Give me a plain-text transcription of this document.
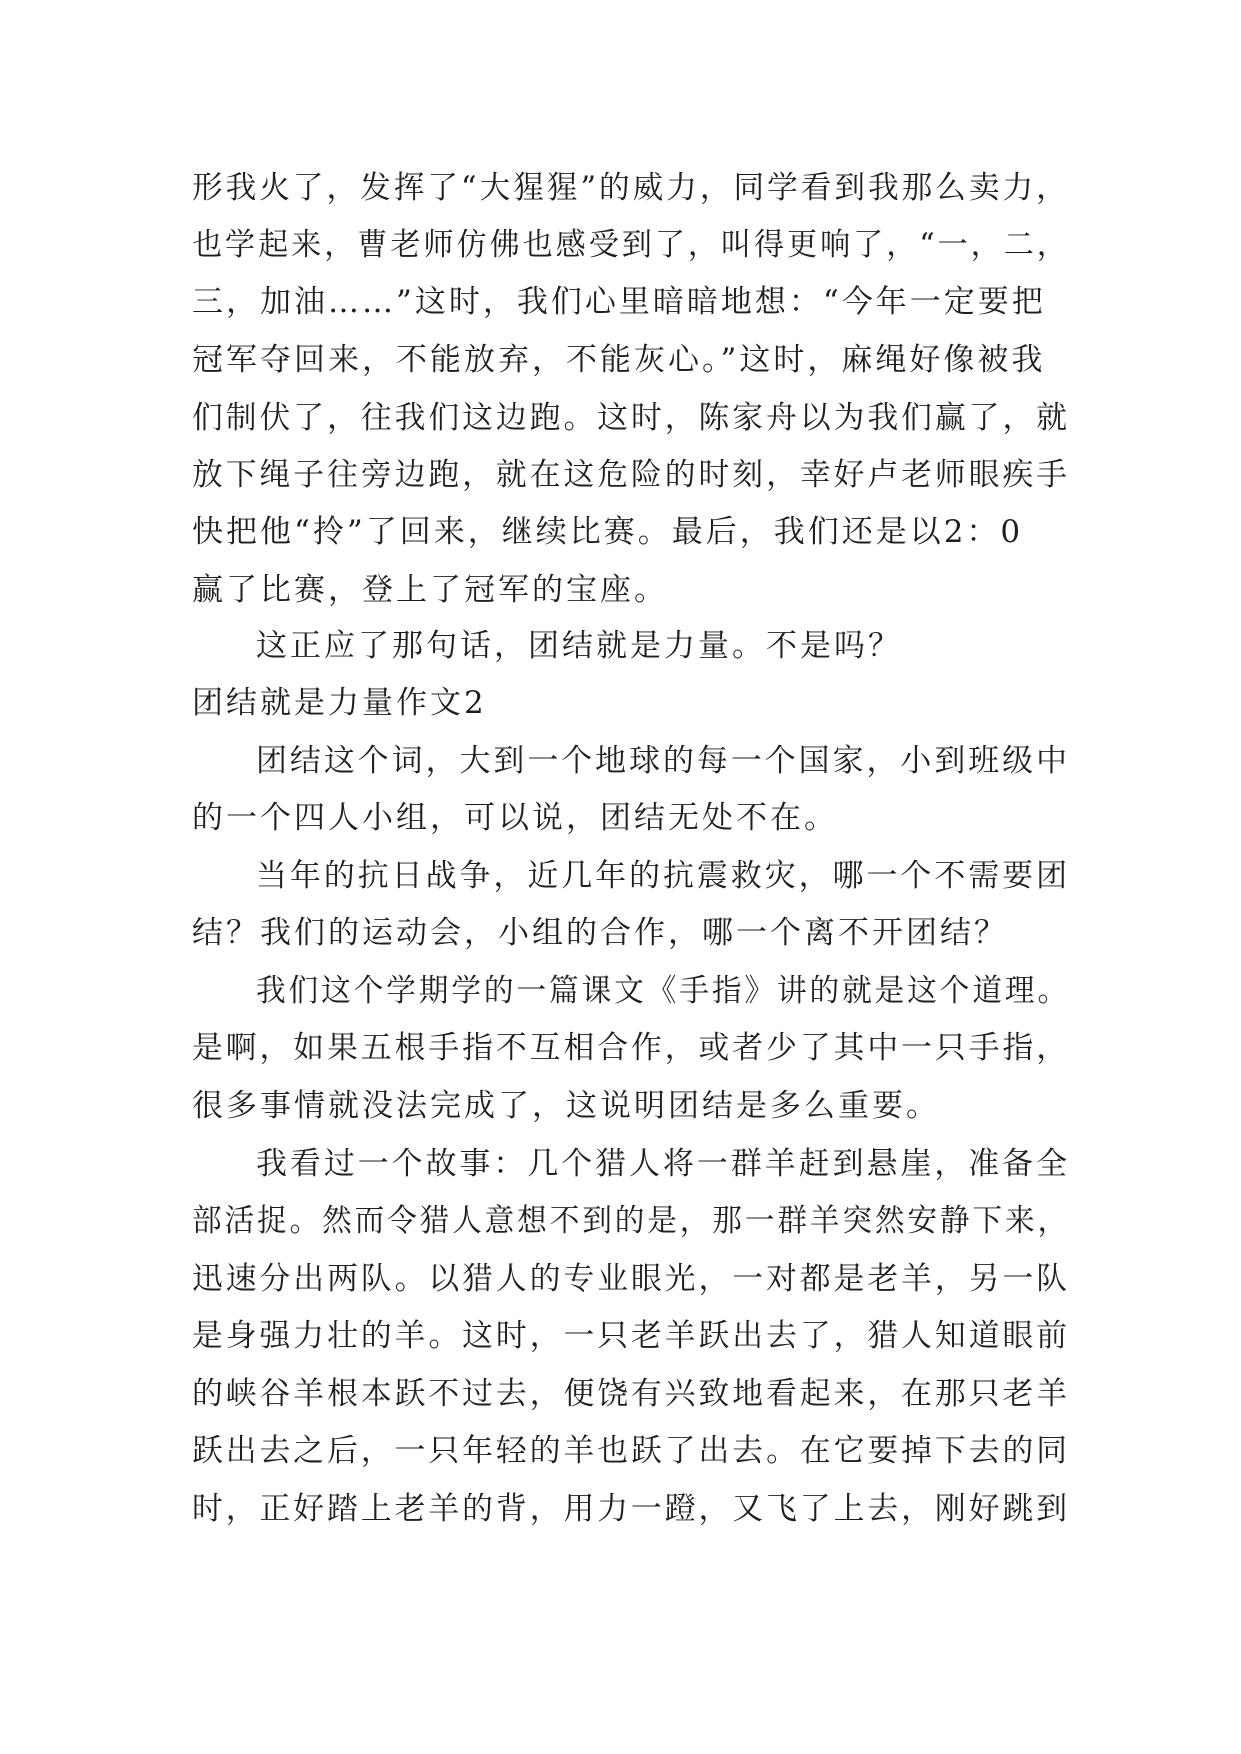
形我火了，发挥了“大猩猩”的威力，同学看到我那么卖力，
也学起来，曹老师仿佛也感受到了，叫得更响了，“一，二，
三，加油……”这时，我们心里暗暗地想：“今年一定要把
冠军夺回来，不能放弃，不能灰心。”这时，麻绳好像被我
们制伏了，往我们这边跑。这时，陈家舟以为我们赢了，就
放下绳子往旁边跑，就在这危险的时刻，幸好卢老师眼疾手
快把他“拎”了回来，继续比赛。最后，我们还是以2：0
赢了比赛，登上了冠军的宝座。
这正应了那句话，团结就是力量。不是吗？
团结就是力量作文2
团结这个词，大到一个地球的每一个国家，小到班级中
的一个四人小组，可以说，团结无处不在。
当年的抗日战争，近几年的抗震救灾，哪一个不需要团
结？我们的运动会，小组的合作，哪一个离不开团结？
我们这个学期学的一篇课文《手指》讲的就是这个道理。
是啊，如果五根手指不互相合作，或者少了其中一只手指，
很多事情就没法完成了，这说明团结是多么重要。
我看过一个故事：几个猎人将一群羊赶到悬崖，准备全
部活捉。然而令猎人意想不到的是，那一群羊突然安静下来，
迅速分出两队。以猎人的专业眼光，一对都是老羊，另一队
是身强力壮的羊。这时，一只老羊跃出去了，猎人知道眼前
的峡谷羊根本跃不过去，便饶有兴致地看起来，在那只老羊
跃出去之后，一只年轻的羊也跃了出去。在它要掉下去的同
时，正好踏上老羊的背，用力一蹬，又飞了上去，刚好跳到
